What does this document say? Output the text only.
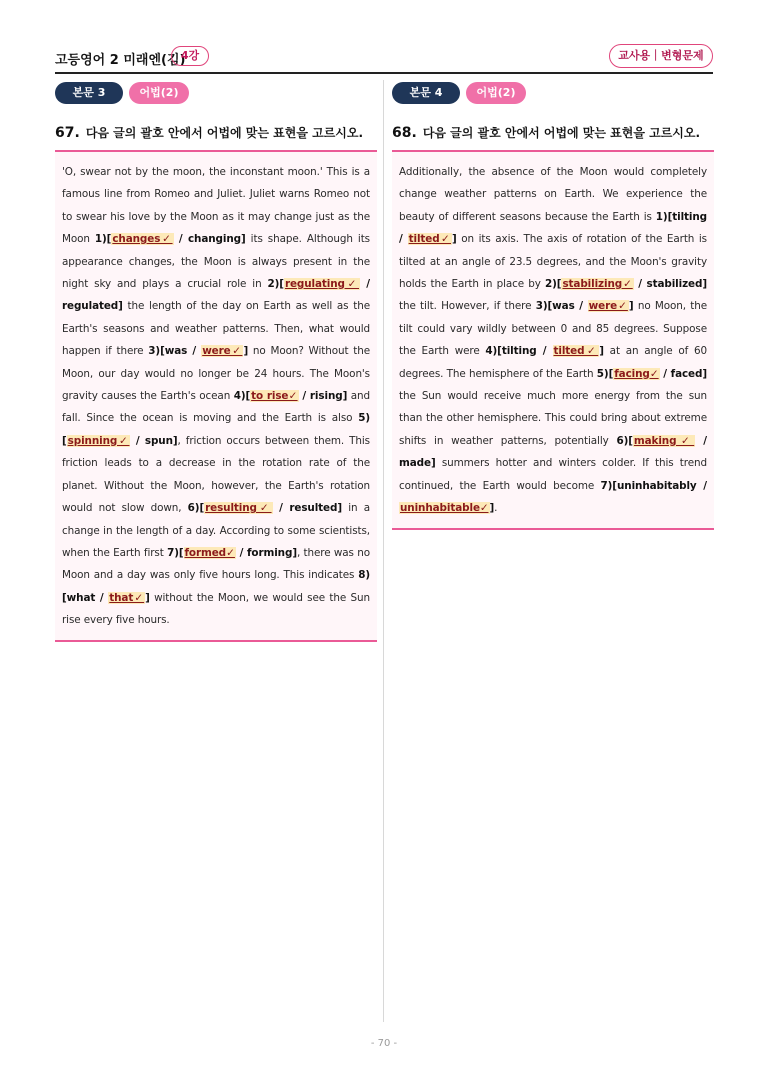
고등영어 2 미래엔(김)
4강	교사용｜변형문제
본문 3	어법(2)
67. 다음 글의 괄호 안에서 어법에 맞는 표현을 고르시오.
'O, swear not by the moon, the inconstant moon.' This is a famous line from Romeo and Juliet. Juliet warns Romeo not to swear his love by the Moon as it may change just as the Moon 1)[changes✓ / changing] its shape. Although its appearance changes, the Moon is always present in the night sky and plays a crucial role in 2)[regulating✓ / regulated] the length of the day on Earth as well as the Earth's seasons and weather patterns. Then, what would happen if there 3)[was / were✓] no Moon? Without the Moon, our day would no longer be 24 hours. The Moon's gravity causes the Earth's ocean 4)[to rise✓ / rising] and fall. Since the ocean is moving and the Earth is also 5)[spinning✓ / spun], friction occurs between them. This friction leads to a decrease in the rotation rate of the planet. Without the Moon, however, the Earth's rotation would not slow down, 6)[resulting✓ / resulted] in a change in the length of a day. According to some scientists, when the Earth first 7)[formed✓ / forming], there was no Moon and a day was only five hours long. This indicates 8)[what / that✓] without the Moon, we would see the Sun rise every five hours.
본문 4	어법(2)
68. 다음 글의 괄호 안에서 어법에 맞는 표현을 고르시오.
Additionally, the absence of the Moon would completely change weather patterns on Earth. We experience the beauty of different seasons because the Earth is 1)[tilting / tilted✓] on its axis. The axis of rotation of the Earth is tilted at an angle of 23.5 degrees, and the Moon's gravity holds the Earth in place by 2)[stabilizing✓ / stabilized] the tilt. However, if there 3)[was / were✓] no Moon, the tilt could vary wildly between 0 and 85 degrees. Suppose the Earth were 4)[tilting / tilted✓] at an angle of 60 degrees. The hemisphere of the Earth 5)[facing✓ / faced] the Sun would receive much more energy from the sun than the other hemisphere. This could bring about extreme shifts in weather patterns, potentially 6)[making✓ / made] summers hotter and winters colder. If this trend continued, the Earth would become 7)[uninhabitably / uninhabitable✓].
- 70 -
